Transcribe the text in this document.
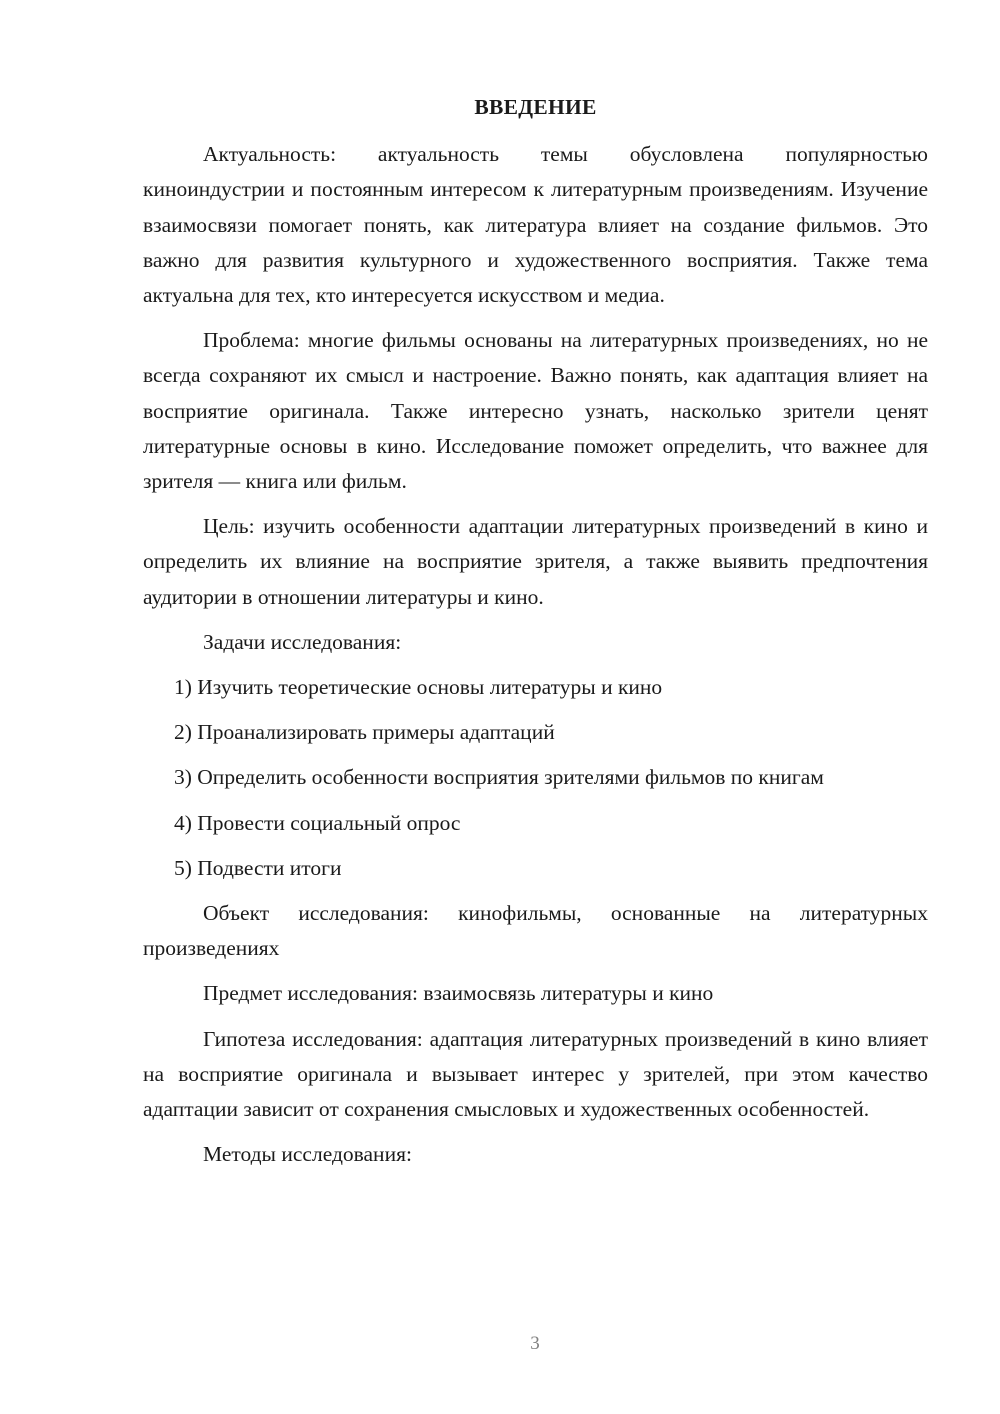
ВВЕДЕНИЕ

Актуальность: актуальность темы обусловлена популярностью киноиндустрии и постоянным интересом к литературным произведениям. Изучение взаимосвязи помогает понять, как литература влияет на создание фильмов. Это важно для развития культурного и художественного восприятия. Также тема актуальна для тех, кто интересуется искусством и медиа.

Проблема: многие фильмы основаны на литературных произведениях, но не всегда сохраняют их смысл и настроение. Важно понять, как адаптация влияет на восприятие оригинала. Также интересно узнать, насколько зрители ценят литературные основы в кино. Исследование поможет определить, что важнее для зрителя — книга или фильм.

Цель: изучить особенности адаптации литературных произведений в кино и определить их влияние на восприятие зрителя, а также выявить предпочтения аудитории в отношении литературы и кино.

Задачи исследования:

1) Изучить теоретические основы литературы и кино
2) Проанализировать примеры адаптаций
3) Определить особенности восприятия зрителями фильмов по книгам
4) Провести социальный опрос
5) Подвести итоги

Объект исследования: кинофильмы, основанные на литературных произведениях

Предмет исследования: взаимосвязь литературы и кино

Гипотеза исследования: адаптация литературных произведений в кино влияет на восприятие оригинала и вызывает интерес у зрителей, при этом качество адаптации зависит от сохранения смысловых и художественных особенностей.

Методы исследования:

3
